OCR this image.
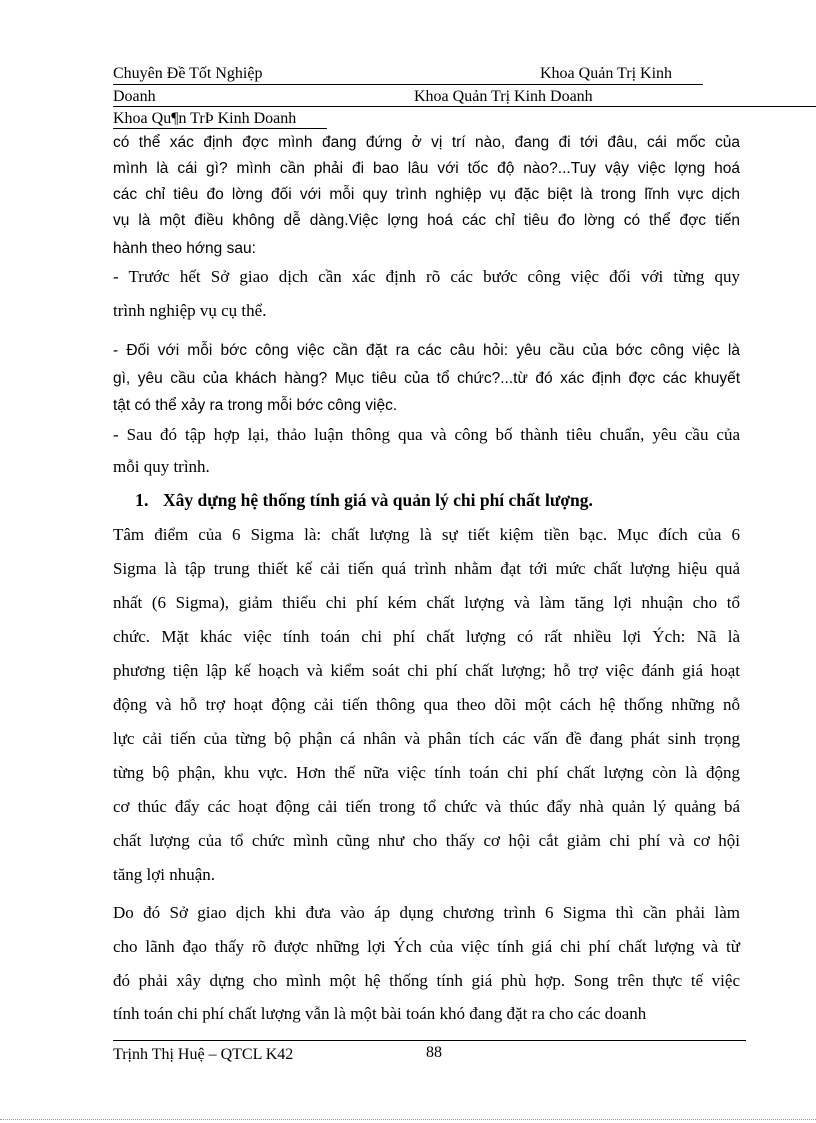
Chuyên Đề Tốt Nghiệp	Khoa Quản Trị Kinh
Doanh	Khoa Quản Trị Kinh Doanh
Khoa Qu¶n TrÞ Kinh Doanh
có thể xác định đợc mình đang đứng ở vị trí nào, đang đi tới đâu, cái mốc của
mình là cái gì? mình cần phải đi bao lâu với tốc độ nào?...Tuy vậy việc lợng hoá
các chỉ tiêu đo lờng đối với mỗi quy trình nghiệp vụ đặc biệt là trong lĩnh vực dịch
vụ là một điều không dễ dàng.Việc lợng hoá các chỉ tiêu đo lờng có thể đợc tiến
hành theo hớng sau:
- Trước hết Sở giao dịch cần xác định rõ các bước công việc đối với từng quy
trình nghiệp vụ cụ thể.
- Đối với mỗi bớc công việc cần đặt ra các câu hỏi: yêu cầu của bớc công việc là
gì, yêu cầu của khách hàng? Mục tiêu của tổ chức?...từ đó xác định đợc các khuyết
tật có thể xảy ra trong mỗi bớc công việc.
- Sau đó tập hợp lại, thảo luận thông qua và công bố thành tiêu chuẩn, yêu cầu của
mỗi quy trình.
1. Xây dựng hệ thống tính giá và quản lý chi phí chất lượng.
Tâm điểm của 6 Sigma là: chất lượng là sự tiết kiệm tiền bạc. Mục đích của 6
Sigma là tập trung thiết kế cải tiến quá trình nhằm đạt tới mức chất lượng hiệu quả
nhất (6 Sigma), giảm thiểu chi phí kém chất lượng và làm tăng lợi nhuận cho tổ
chức. Mặt khác việc tính toán chi phí chất lượng có rất nhiều lợi Ých: Nã là
phương tiện lập kế hoạch và kiểm soát chi phí chất lượng; hỗ trợ việc đánh giá hoạt
động và hỗ trợ hoạt động cải tiến thông qua theo dõi một cách hệ thống những nỗ
lực cải tiến của từng bộ phận cá nhân và phân tích các vấn đề đang phát sinh trọng
từng bộ phận, khu vực. Hơn thế nữa việc tính toán chi phí chất lượng còn là động
cơ thúc đẩy các hoạt động cải tiến trong tổ chức và thúc đẩy nhà quản lý quảng bá
chất lượng của tổ chức mình cũng như cho thấy cơ hội cắt giảm chi phí và cơ hội
tăng lợi nhuận.
Do đó Sở giao dịch khi đưa vào áp dụng chương trình 6 Sigma thì cần phải làm
cho lãnh đạo thấy rõ được những lợi Ých của việc tính giá chi phí chất lượng và từ
đó phải xây dựng cho mình một hệ thống tính giá phù hợp. Song trên thực tế việc
tính toán chi phí chất lượng vẫn là một bài toán khó đang đặt ra cho các doanh
Trịnh Thị Huệ – QTCL K42	88
